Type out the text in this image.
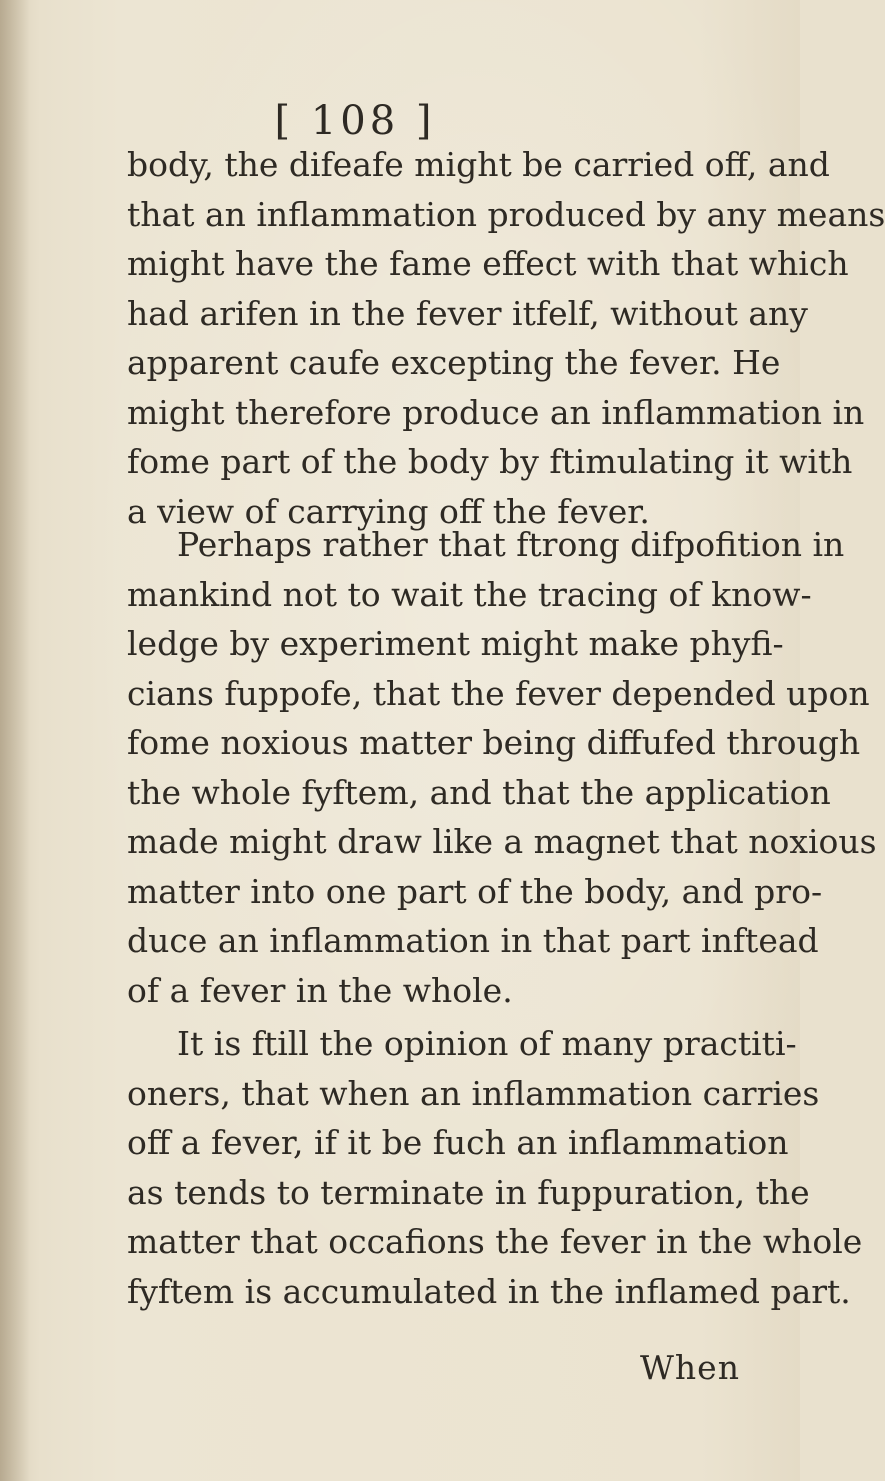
[ 108 ]
body, the difeafe might be carried off, and
that an inflammation produced by any means
might have the fame effect with that which
had arifen in the fever itfelf, without any
apparent caufe excepting the fever. He
might therefore produce an inflammation in
fome part of the body by ftimulating it with
a view of carrying off the fever.
Perhaps rather that ftrong difpofition in
mankind not to wait the tracing of know-
ledge by experiment might make phyfi-
cians fuppofe, that the fever depended upon
fome noxious matter being diffufed through
the whole fyftem, and that the application
made might draw like a magnet that noxious
matter into one part of the body, and pro-
duce an inflammation in that part inftead
of a fever in the whole.
It is ftill the opinion of many practiti-
oners, that when an inflammation carries
off a fever, if it be fuch an inflammation
as tends to terminate in fuppuration, the
matter that occafions the fever in the whole
fyftem is accumulated in the inflamed part.
When
